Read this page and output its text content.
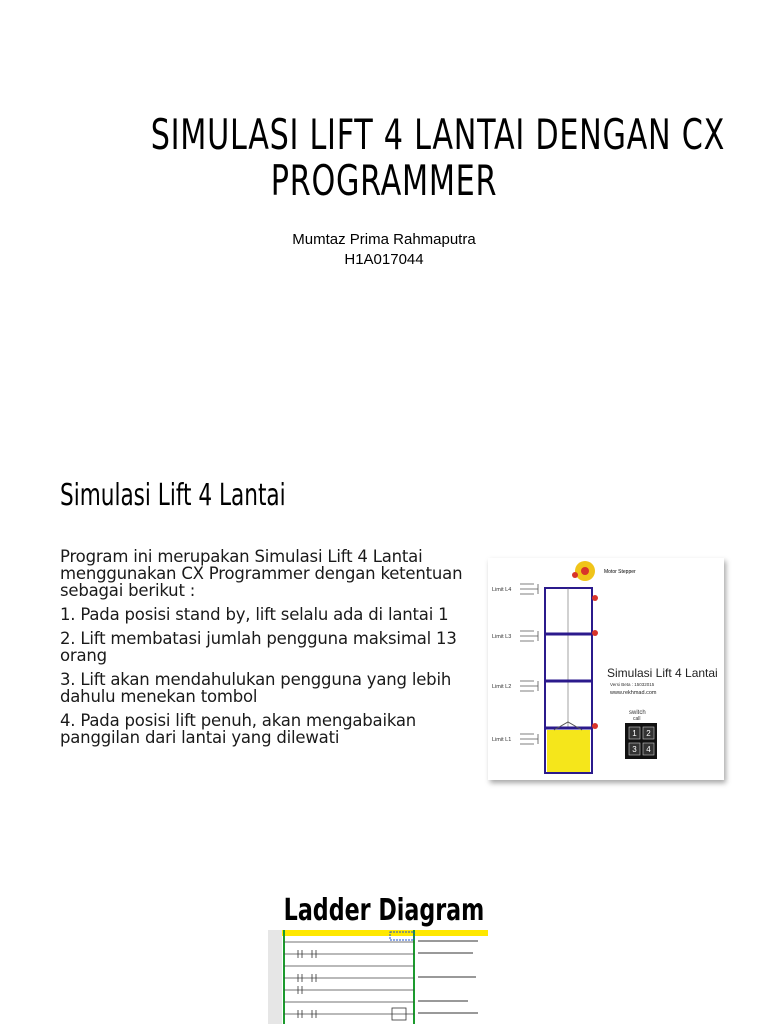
SIMULASI LIFT 4 LANTAI DENGAN CX
PROGRAMMER
Mumtaz Prima Rahmaputra
H1A017044
Simulasi Lift 4 Lantai

Program ini merupakan Simulasi Lift 4 Lantai menggunakan CX Programmer dengan ketentuan sebagai berikut :

1. Pada posisi stand by, lift selalu ada di lantai 1

2. Lift membatasi jumlah pengguna maksimal 13 orang

3. Lift akan mendahulukan pengguna yang lebih dahulu menekan tombol

4. Pada posisi lift penuh, akan mengabaikan panggilan dari lantai yang dilewati

Motor Stepper
Limit L4
Limit L3
Limit L2
Limit L1
Simulasi Lift 4 Lantai
Versi Beta : 15032015
www.rekhmad.com
switch
call
1 2
3 4
Ladder Diagram
